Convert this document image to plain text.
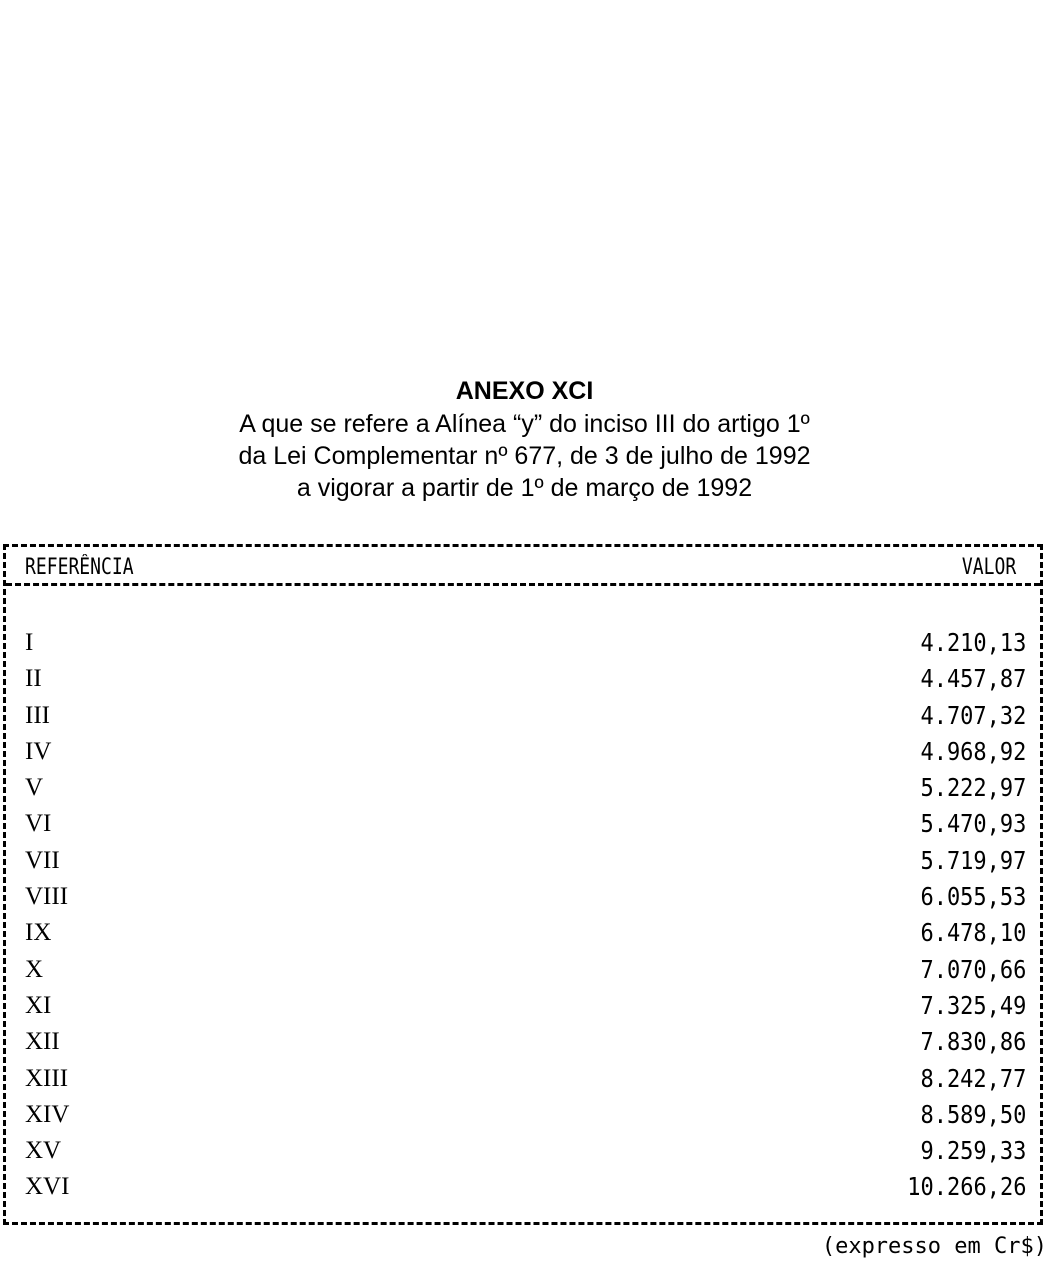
ANEXO XCI
A que se refere a Alínea “y” do inciso III do artigo 1º
da Lei Complementar nº 677, de 3 de julho de 1992
a vigorar a partir de 1º de março de 1992
REFERÊNCIA	VALOR
I	4.210,13
II	4.457,87
III	4.707,32
IV	4.968,92
V	5.222,97
VI	5.470,93
VII	5.719,97
VIII	6.055,53
IX	6.478,10
X	7.070,66
XI	7.325,49
XII	7.830,86
XIII	8.242,77
XIV	8.589,50
XV	9.259,33
XVI	10.266,26
(expresso em Cr$)
